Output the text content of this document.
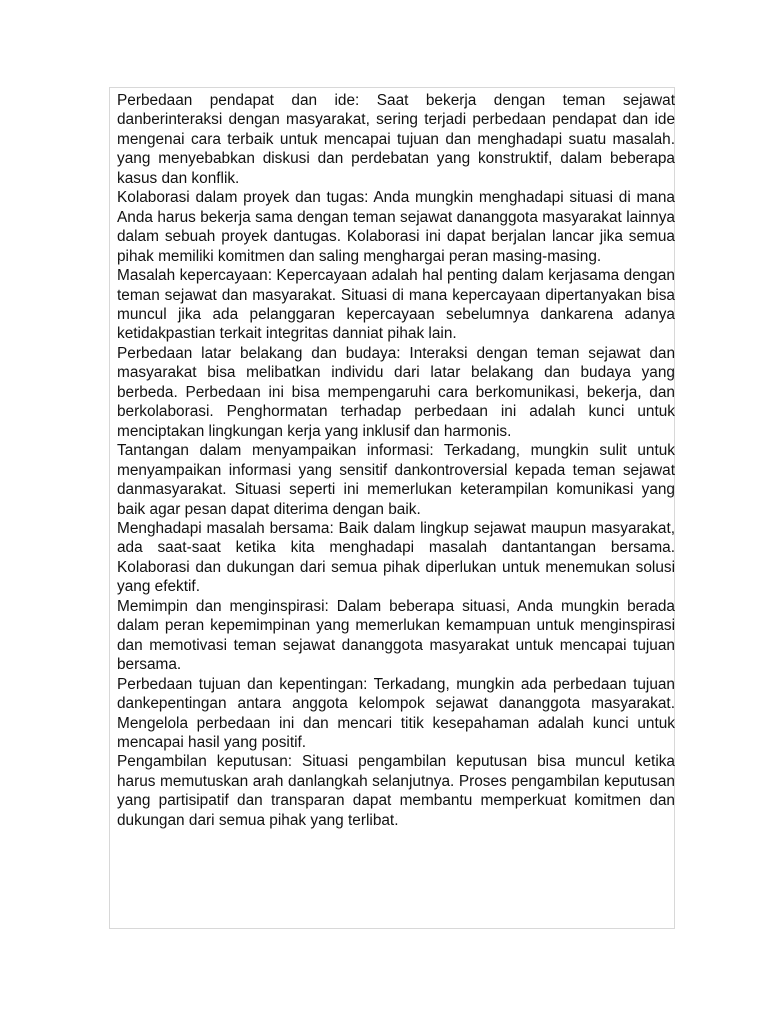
Perbedaan pendapat dan ide: Saat bekerja dengan teman sejawat danberinteraksi dengan masyarakat, sering terjadi perbedaan pendapat dan ide mengenai cara terbaik untuk mencapai tujuan dan menghadapi suatu masalah. yang menyebabkan diskusi dan perdebatan yang konstruktif, dalam beberapa kasus dan konflik.

Kolaborasi dalam proyek dan tugas: Anda mungkin menghadapi situasi di mana Anda harus bekerja sama dengan teman sejawat dananggota masyarakat lainnya dalam sebuah proyek dantugas. Kolaborasi ini dapat berjalan lancar jika semua pihak memiliki komitmen dan saling menghargai peran masing-masing.

Masalah kepercayaan: Kepercayaan adalah hal penting dalam kerjasama dengan teman sejawat dan masyarakat. Situasi di mana kepercayaan dipertanyakan bisa muncul jika ada pelanggaran kepercayaan sebelumnya dankarena adanya ketidakpastian terkait integritas danniat pihak lain.

Perbedaan latar belakang dan budaya: Interaksi dengan teman sejawat dan masyarakat bisa melibatkan individu dari latar belakang dan budaya yang berbeda. Perbedaan ini bisa mempengaruhi cara berkomunikasi, bekerja, dan berkolaborasi. Penghormatan terhadap perbedaan ini adalah kunci untuk menciptakan lingkungan kerja yang inklusif dan harmonis.

Tantangan dalam menyampaikan informasi: Terkadang, mungkin sulit untuk menyampaikan informasi yang sensitif dankontroversial kepada teman sejawat danmasyarakat. Situasi seperti ini memerlukan keterampilan komunikasi yang baik agar pesan dapat diterima dengan baik.

Menghadapi masalah bersama: Baik dalam lingkup sejawat maupun masyarakat, ada saat-saat ketika kita menghadapi masalah dantantangan bersama. Kolaborasi dan dukungan dari semua pihak diperlukan untuk menemukan solusi yang efektif.

Memimpin dan menginspirasi: Dalam beberapa situasi, Anda mungkin berada dalam peran kepemimpinan yang memerlukan kemampuan untuk menginspirasi dan memotivasi teman sejawat dananggota masyarakat untuk mencapai tujuan bersama.

Perbedaan tujuan dan kepentingan: Terkadang, mungkin ada perbedaan tujuan dankepentingan antara anggota kelompok sejawat dananggota masyarakat. Mengelola perbedaan ini dan mencari titik kesepahaman adalah kunci untuk mencapai hasil yang positif.

Pengambilan keputusan: Situasi pengambilan keputusan bisa muncul ketika harus memutuskan arah danlangkah selanjutnya. Proses pengambilan keputusan yang partisipatif dan transparan dapat membantu memperkuat komitmen dan dukungan dari semua pihak yang terlibat.
